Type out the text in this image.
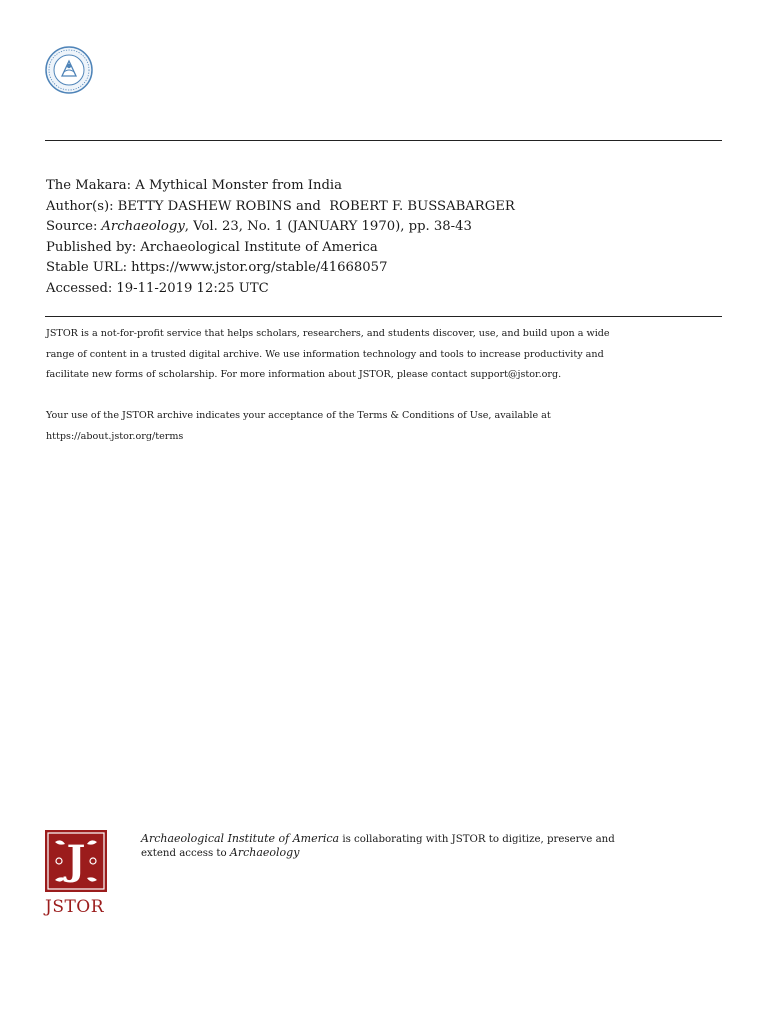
The Makara: A Mythical Monster from India
Author(s): BETTY DASHEW ROBINS and  ROBERT F. BUSSABARGER
Source: Archaeology, Vol. 23, No. 1 (JANUARY 1970), pp. 38-43
Published by: Archaeological Institute of America
Stable URL: https://www.jstor.org/stable/41668057
Accessed: 19-11-2019 12:25 UTC
JSTOR is a not-for-profit service that helps scholars, researchers, and students discover, use, and build upon a wide
range of content in a trusted digital archive. We use information technology and tools to increase productivity and
facilitate new forms of scholarship. For more information about JSTOR, please contact support@jstor.org.
Your use of the JSTOR archive indicates your acceptance of the Terms & Conditions of Use, available at
https://about.jstor.org/terms
J
JSTOR
Archaeological Institute of America is collaborating with JSTOR to digitize, preserve and
extend access to Archaeology
